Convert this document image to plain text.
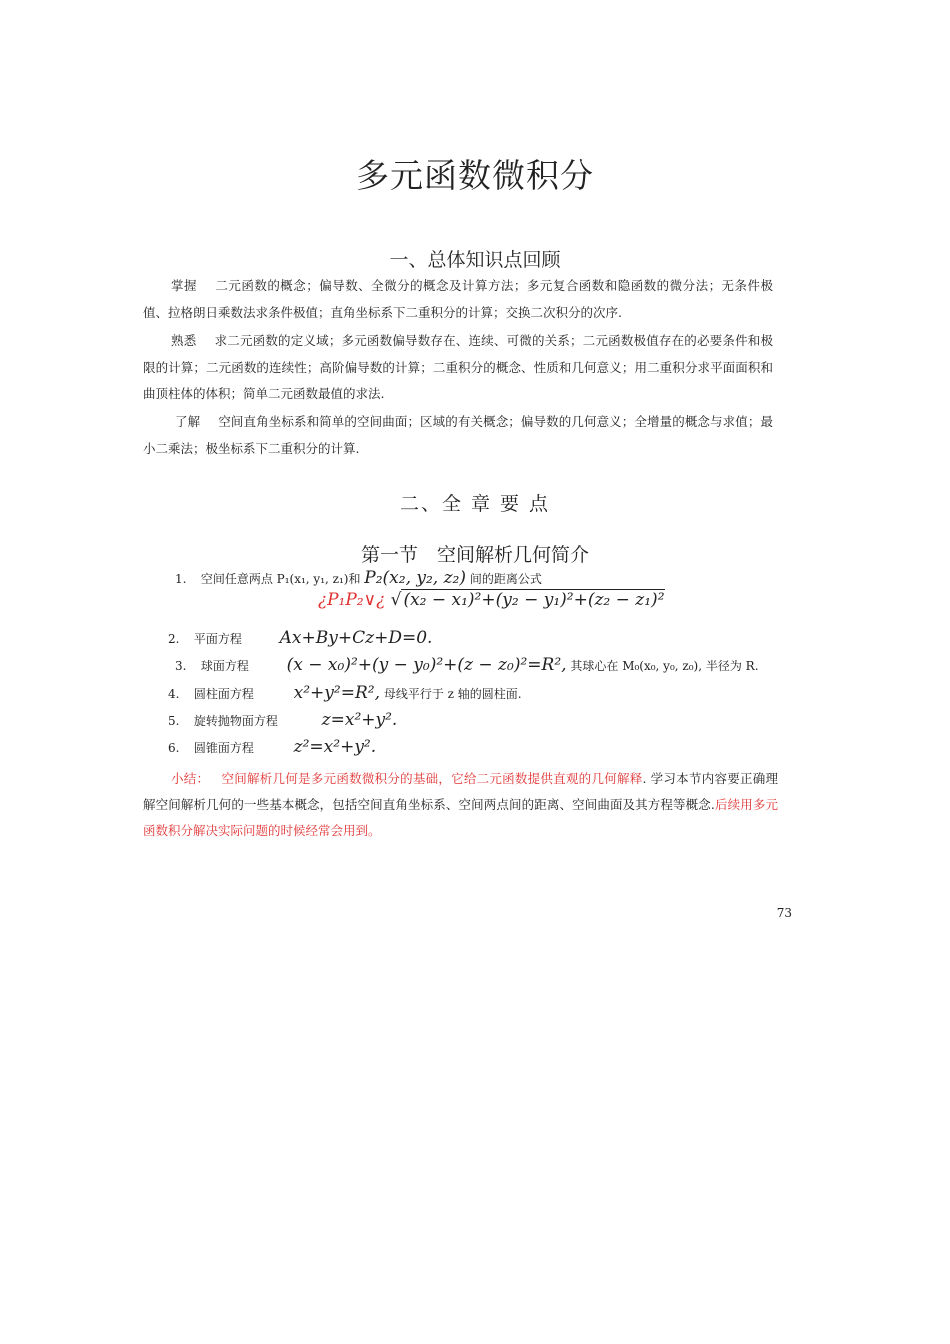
多元函数微积分
一、总体知识点回顾
掌握 二元函数的概念；偏导数、全微分的概念及计算方法；多元复合函数和隐函数的微分法；无条件极值、拉格朗日乘数法求条件极值；直角坐标系下二重积分的计算；交换二次积分的次序.
熟悉 求二元函数的定义域；多元函数偏导数存在、连续、可微的关系；二元函数极值存在的必要条件和极限的计算；二元函数的连续性；高阶偏导数的计算；二重积分的概念、性质和几何意义；用二重积分求平面面积和曲顶柱体的体积；简单二元函数最值的求法.
了解 空间直角坐标系和简单的空间曲面；区域的有关概念；偏导数的几何意义；全增量的概念与求值；最小二乘法；极坐标系下二重积分的计算.
二、全 章 要 点
第一节　空间解析几何简介
1. 空间任意两点 P₁(x₁, y₁, z₁)和 P₂(x₂, y₂, z₂) 间的距离公式
¿P₁P₂∨¿ √ (x₂ − x₁)²+(y₂ − y₁)²+(z₂ − z₁)²
2. 平面方程 Ax+By+Cz+D=0.
3. 球面方程 (x − x₀)²+(y − y₀)²+(z − z₀)²=R², 其球心在 M₀(x₀, y₀, z₀), 半径为 R.
4. 圆柱面方程 x²+y²=R², 母线平行于 z 轴的圆柱面.
5. 旋转抛物面方程	z=x²+y².
6. 圆锥面方程 z²=x²+y².
小结： 空间解析几何是多元函数微积分的基础，它给二元函数提供直观的几何解释. 学习本节内容要正确理解空间解析几何的一些基本概念，包括空间直角坐标系、空间两点间的距离、空间曲面及其方程等概念.后续用多元函数积分解决实际问题的时候经常会用到。
73
